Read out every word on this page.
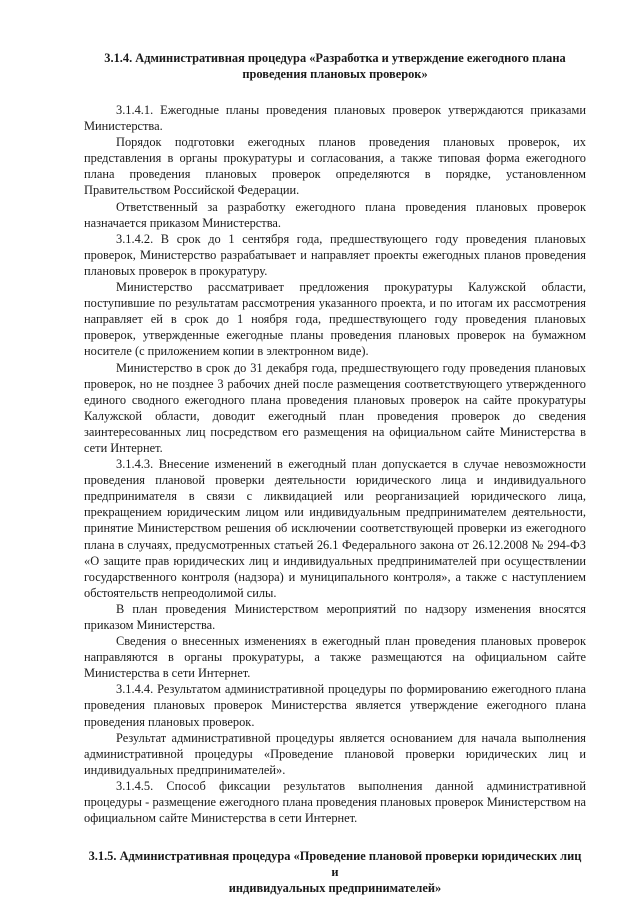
3.1.4. Административная процедура «Разработка и утверждение ежегодного плана
проведения плановых проверок»

3.1.4.1. Ежегодные планы проведения плановых проверок утверждаются приказами Министерства.

Порядок подготовки ежегодных планов проведения плановых проверок, их представления в органы прокуратуры и согласования, а также типовая форма ежегодного плана проведения плановых проверок определяются в порядке, установленном Правительством Российской Федерации.

Ответственный за разработку ежегодного плана проведения плановых проверок назначается приказом Министерства.

3.1.4.2. В срок до 1 сентября года, предшествующего году проведения плановых проверок, Министерство разрабатывает и направляет проекты ежегодных планов проведения плановых проверок в прокуратуру.

Министерство рассматривает предложения прокуратуры Калужской области, поступившие по результатам рассмотрения указанного проекта, и по итогам их рассмотрения направляет ей в срок до 1 ноября года, предшествующего году проведения плановых проверок, утвержденные ежегодные планы проведения плановых проверок на бумажном носителе (с приложением копии в электронном виде).

Министерство в срок до 31 декабря года, предшествующего году проведения плановых проверок, но не позднее 3 рабочих дней после размещения соответствующего утвержденного единого сводного ежегодного плана проведения плановых проверок на сайте прокуратуры Калужской области, доводит ежегодный план проведения проверок до сведения заинтересованных лиц посредством его размещения на официальном сайте Министерства в сети Интернет.

3.1.4.3. Внесение изменений в ежегодный план допускается в случае невозможности проведения плановой проверки деятельности юридического лица и индивидуального предпринимателя в связи с ликвидацией или реорганизацией юридического лица, прекращением юридическим лицом или индивидуальным предпринимателем деятельности, принятие Министерством решения об исключении соответствующей проверки из ежегодного плана в случаях, предусмотренных статьей 26.1 Федерального закона от 26.12.2008 № 294-ФЗ «О защите прав юридических лиц и индивидуальных предпринимателей при осуществлении государственного контроля (надзора) и муниципального контроля», а также с наступлением обстоятельств непреодолимой силы.

В план проведения Министерством мероприятий по надзору изменения вносятся приказом Министерства.

Сведения о внесенных изменениях в ежегодный план проведения плановых проверок направляются в органы прокуратуры, а также размещаются на официальном сайте Министерства в сети Интернет.

3.1.4.4. Результатом административной процедуры по формированию ежегодного плана проведения плановых проверок Министерства является утверждение ежегодного плана проведения плановых проверок.

Результат административной процедуры является основанием для начала выполнения административной процедуры «Проведение плановой проверки юридических лиц и индивидуальных предпринимателей».

3.1.4.5. Способ фиксации результатов выполнения данной административной процедуры - размещение ежегодного плана проведения плановых проверок Министерством на официальном сайте Министерства в сети Интернет.

3.1.5. Административная процедура «Проведение плановой проверки юридических лиц и
индивидуальных предпринимателей»
